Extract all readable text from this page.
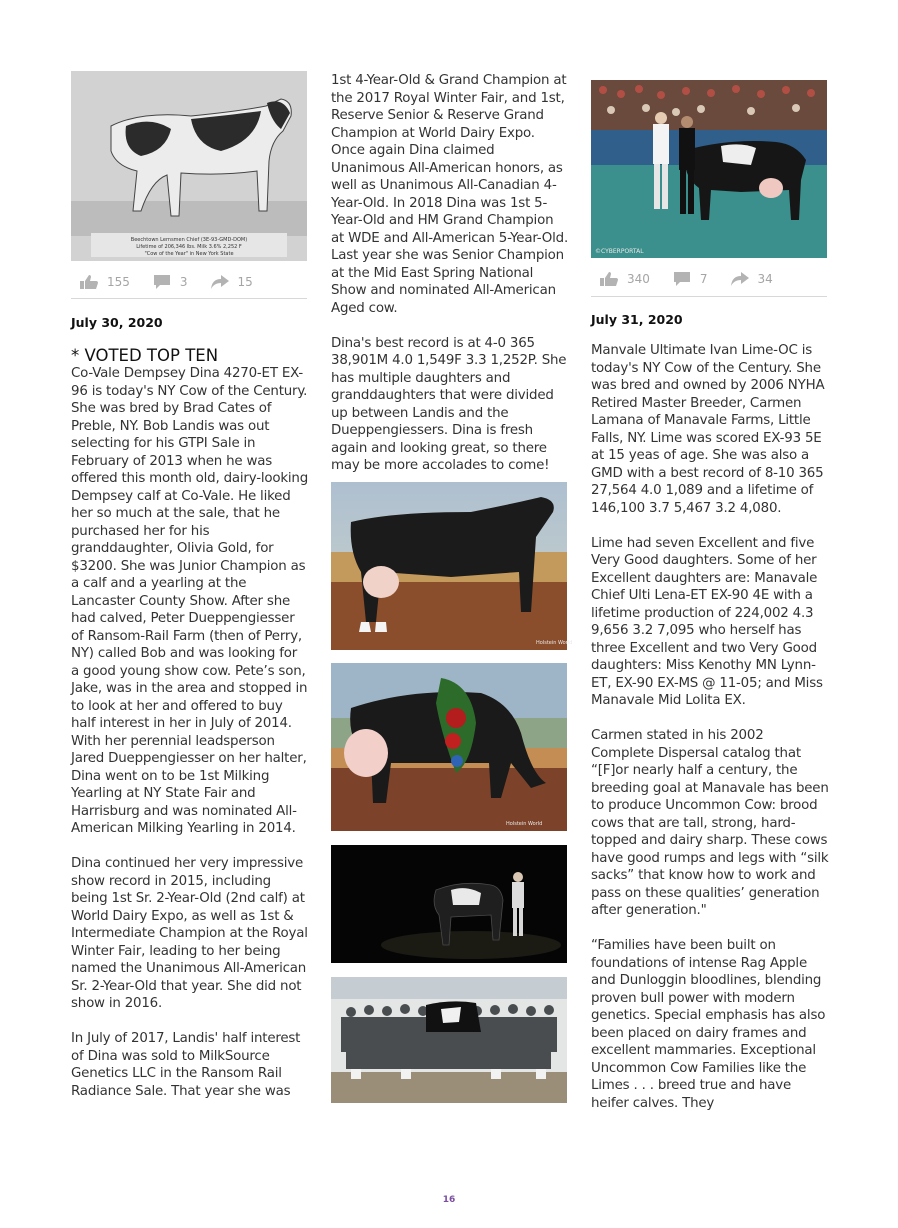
Beechtown Lernsmen Chief (3E-93-GMD-DOM)
Lifetime of 206,346 lbs. Milk 3.6% 2,252 F
"Cow of the Year" in New York State
155	3	15
July 30, 2020
* VOTED TOP TEN

Co-Vale Dempsey Dina 4270-ET EX-96 is today's NY Cow of the Century. She was bred by Brad Cates of Preble, NY. Bob Landis was out selecting for his GTPI Sale in February of 2013 when he was offered this month old, dairy-looking Dempsey calf at Co-Vale. He liked her so much at the sale, that he purchased her for his granddaughter, Olivia Gold, for $3200. She was Junior Champion as a calf and a yearling at the Lancaster County Show. After she had calved, Peter Dueppengiesser of Ransom-Rail Farm (then of Perry, NY) called Bob and was looking for a good young show cow. Pete’s son, Jake, was in the area and stopped in to look at her and offered to buy half interest in her in July of 2014. With her perennial leadsperson Jared Dueppengiesser on her halter, Dina went on to be 1st Milking Yearling at NY State Fair and Harrisburg and was nominated All-American Milking Yearling in 2014.

Dina continued her very impressive show record in 2015, including being 1st Sr. 2-Year-Old (2nd calf) at World Dairy Expo, as well as 1st & Intermediate Champion at the Royal Winter Fair, leading to her being named the Unanimous All-American Sr. 2-Year-Old that year. She did not show in 2016.

In July of 2017, Landis' half interest of Dina was sold to MilkSource Genetics LLC in the Ransom Rail Radiance Sale. That year she was

1st 4-Year-Old & Grand Champion at the 2017 Royal Winter Fair, and 1st, Reserve Senior & Reserve Grand Champion at World Dairy Expo. Once again Dina claimed Unanimous All-American honors, as well as Unanimous All-Canadian 4-Year-Old. In 2018 Dina was 1st 5-Year-Old and HM Grand Champion at WDE and All-American 5-Year-Old. Last year she was Senior Champion at the Mid East Spring National Show and nominated All-American Aged cow.

Dina's best record is at 4-0 365 38,901M 4.0 1,549F 3.3 1,252P. She has multiple daughters and granddaughters that were divided up between Landis and the Dueppengiessers. Dina is fresh again and looking great, so there may be more accolades to come!

Holstein World
Holstein World
©CYBERPORTAL
340	7	34
July 31, 2020

Manvale Ultimate Ivan Lime-OC is today's NY Cow of the Century. She was bred and owned by 2006 NYHA Retired Master Breeder, Carmen Lamana of Manavale Farms, Little Falls, NY. Lime was scored EX-93 5E at 15 yeas of age. She was also a GMD with a best record of 8-10 365 27,564 4.0 1,089 and a lifetime of 146,100 3.7 5,467 3.2 4,080.

Lime had seven Excellent and five Very Good daughters. Some of her Excellent daughters are: Manavale Chief Ulti Lena-ET EX-90 4E with a lifetime production of 224,002 4.3 9,656 3.2 7,095 who herself has three Excellent and two Very Good daughters: Miss Kenothy MN Lynn-ET, EX-90 EX-MS @ 11-05; and Miss Manavale Mid Lolita EX.

Carmen stated in his 2002 Complete Dispersal catalog that “[F]or nearly half a century, the breeding goal at Manavale has been to produce Uncommon Cow: brood cows that are tall, strong, hard-topped and dairy sharp. These cows have good rumps and legs with “silk sacks” that know how to work and pass on these qualities’ generation after generation."

“Families have been built on foundations of intense Rag Apple and Dunloggin bloodlines, blending proven bull power with modern genetics. Special emphasis has also been placed on dairy frames and excellent mammaries. Exceptional Uncommon Cow Families like the Limes . . . breed true and have heifer calves. They

16
